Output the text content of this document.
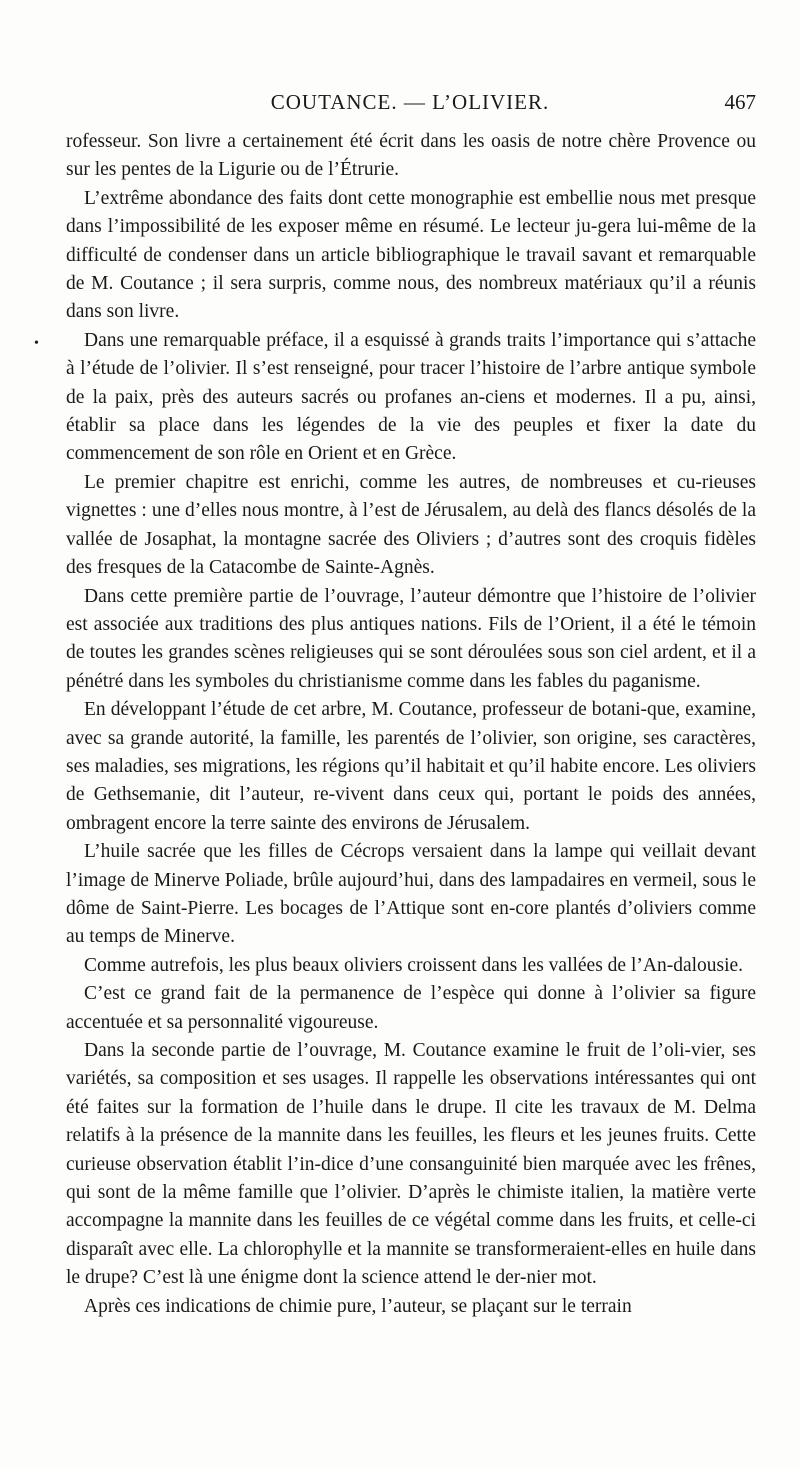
COUTANCE. — L’OLIVIER.	467
•

rofesseur. Son livre a certainement été écrit dans les oasis de notre chère Provence ou sur les pentes de la Ligurie ou de l’Étrurie.

L’extrême abondance des faits dont cette monographie est embellie nous met presque dans l’impossibilité de les exposer même en résumé. Le lecteur ju-gera lui-même de la difficulté de condenser dans un article bibliographique le travail savant et remarquable de M. Coutance ; il sera surpris, comme nous, des nombreux matériaux qu’il a réunis dans son livre.

Dans une remarquable préface, il a esquissé à grands traits l’importance qui s’attache à l’étude de l’olivier. Il s’est renseigné, pour tracer l’histoire de l’arbre antique symbole de la paix, près des auteurs sacrés ou profanes an-ciens et modernes. Il a pu, ainsi, établir sa place dans les légendes de la vie des peuples et fixer la date du commencement de son rôle en Orient et en Grèce.

Le premier chapitre est enrichi, comme les autres, de nombreuses et cu-rieuses vignettes : une d’elles nous montre, à l’est de Jérusalem, au delà des flancs désolés de la vallée de Josaphat, la montagne sacrée des Oliviers ; d’autres sont des croquis fidèles des fresques de la Catacombe de Sainte-Agnès.

Dans cette première partie de l’ouvrage, l’auteur démontre que l’histoire de l’olivier est associée aux traditions des plus antiques nations. Fils de l’Orient, il a été le témoin de toutes les grandes scènes religieuses qui se sont déroulées sous son ciel ardent, et il a pénétré dans les symboles du christianisme comme dans les fables du paganisme.

En développant l’étude de cet arbre, M. Coutance, professeur de botani-que, examine, avec sa grande autorité, la famille, les parentés de l’olivier, son origine, ses caractères, ses maladies, ses migrations, les régions qu’il habitait et qu’il habite encore. Les oliviers de Gethsemanie, dit l’auteur, re-vivent dans ceux qui, portant le poids des années, ombragent encore la terre sainte des environs de Jérusalem.

L’huile sacrée que les filles de Cécrops versaient dans la lampe qui veillait devant l’image de Minerve Poliade, brûle aujourd’hui, dans des lampadaires en vermeil, sous le dôme de Saint-Pierre. Les bocages de l’Attique sont en-core plantés d’oliviers comme au temps de Minerve.

Comme autrefois, les plus beaux oliviers croissent dans les vallées de l’An-dalousie.

C’est ce grand fait de la permanence de l’espèce qui donne à l’olivier sa figure accentuée et sa personnalité vigoureuse.

Dans la seconde partie de l’ouvrage, M. Coutance examine le fruit de l’oli-vier, ses variétés, sa composition et ses usages. Il rappelle les observations intéressantes qui ont été faites sur la formation de l’huile dans le drupe. Il cite les travaux de M. Delma relatifs à la présence de la mannite dans les feuilles, les fleurs et les jeunes fruits. Cette curieuse observation établit l’in-dice d’une consanguinité bien marquée avec les frênes, qui sont de la même famille que l’olivier. D’après le chimiste italien, la matière verte accompagne la mannite dans les feuilles de ce végétal comme dans les fruits, et celle-ci disparaît avec elle. La chlorophylle et la mannite se transformeraient-elles en huile dans le drupe? C’est là une énigme dont la science attend le der-nier mot.

Après ces indications de chimie pure, l’auteur, se plaçant sur le terrain
